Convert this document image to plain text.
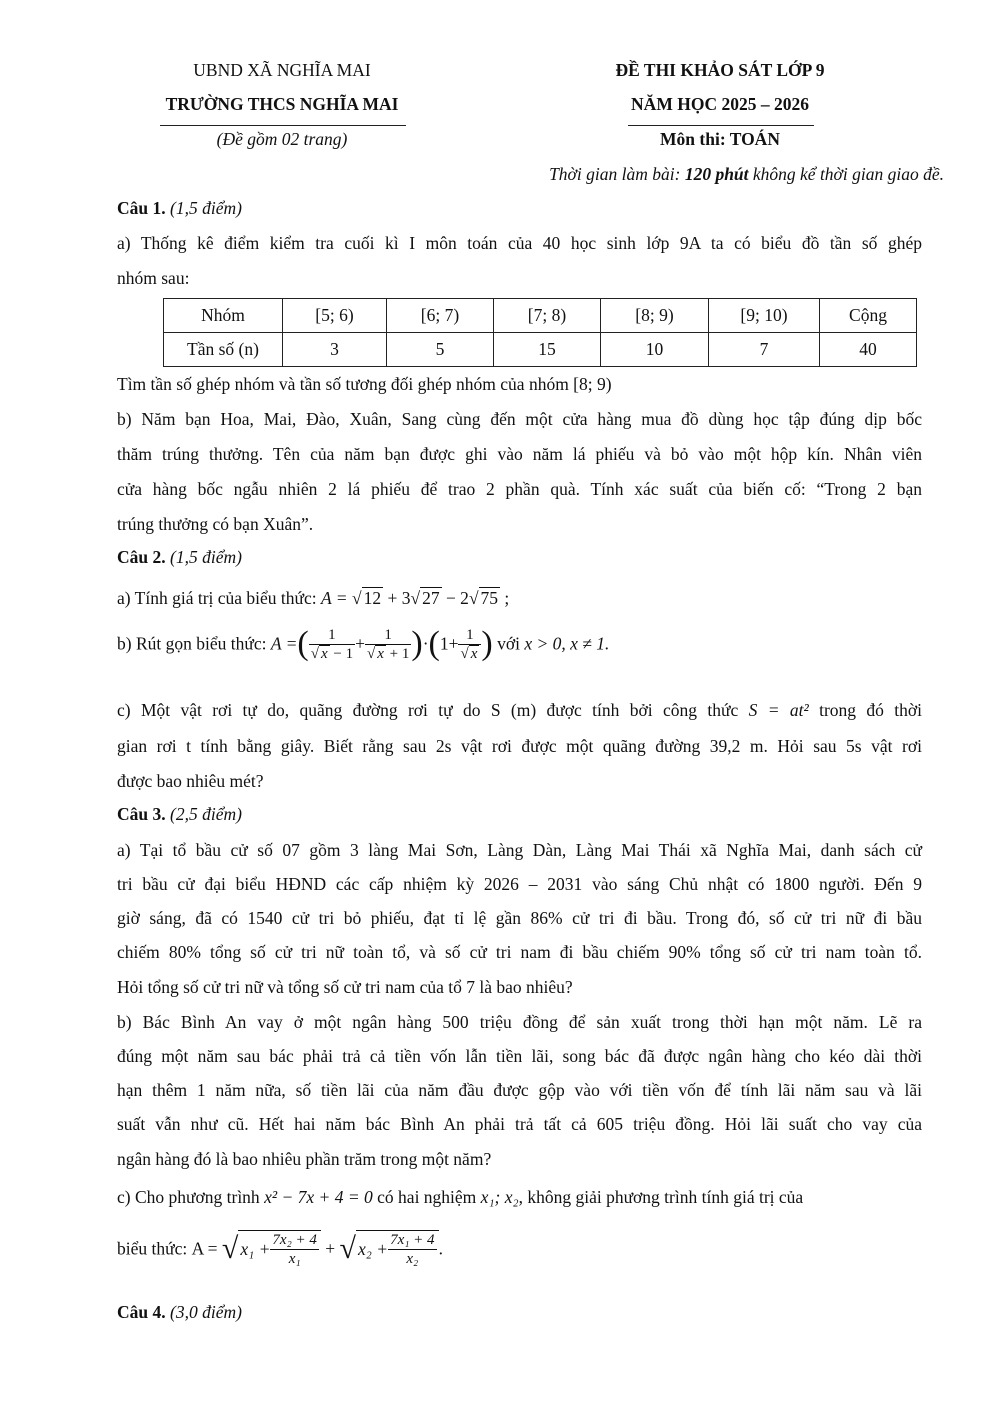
UBND XÃ NGHĨA MAI
TRƯỜNG THCS NGHĨA MAI
(Đề gồm 02 trang)
ĐỀ THI KHẢO SÁT LỚP 9
NĂM HỌC 2025 – 2026
Môn thi: TOÁN
Thời gian làm bài: 120 phút không kể thời gian giao đề.
Câu 1. (1,5 điểm)
a) Thống kê điểm kiểm tra cuối kì I môn toán của 40 học sinh lớp 9A ta có biểu đồ tần số ghép
nhóm sau:
Nhóm	[5; 6)	[6; 7)	[7; 8)	[8; 9)	[9; 10)	Cộng
Tần số (n)	3	5	15	10	7	40
Tìm tần số ghép nhóm và tần số tương đối ghép nhóm của nhóm [8; 9)
b) Năm bạn Hoa, Mai, Đào, Xuân, Sang cùng đến một cửa hàng mua đồ dùng học tập đúng dịp bốc
thăm trúng thưởng. Tên của năm bạn được ghi vào năm lá phiếu và bỏ vào một hộp kín. Nhân viên
cửa hàng bốc ngẫu nhiên 2 lá phiếu để trao 2 phần quà. Tính xác suất của biến cố: “Trong 2 bạn
trúng thưởng có bạn Xuân”.
Câu 2. (1,5 điểm)
a) Tính giá trị của biểu thức: A = √ 12 + 3√ 27 − 2√ 75 ;
b) Rút gọn biểu thức: A =( $\frac{1}{√ x - 1} + \frac{1}{√ x + 1} )\cdot(1+ \frac{1}{√ x}$ ) với x > 0, x ≠ 1.
c) Một vật rơi tự do, quãng đường rơi tự do S (m) được tính bởi công thức S = at² trong đó thời
gian rơi t tính bằng giây. Biết rằng sau 2s vật rơi được một quãng đường 39,2 m. Hỏi sau 5s vật rơi
được bao nhiêu mét?
Câu 3. (2,5 điểm)
a) Tại tổ bầu cử số 07 gồm 3 làng Mai Sơn, Làng Dàn, Làng Mai Thái xã Nghĩa Mai, danh sách cử
tri bầu cử đại biểu HĐND các cấp nhiệm kỳ 2026 – 2031 vào sáng Chủ nhật có 1800 người. Đến 9
giờ sáng, đã có 1540 cử tri bỏ phiếu, đạt tỉ lệ gần 86% cử tri đi bầu. Trong đó, số cử tri nữ đi bầu
chiếm 80% tổng số cử tri nữ toàn tổ, và số cử tri nam đi bầu chiếm 90% tổng số cử tri nam toàn tổ.
Hỏi tổng số cử tri nữ và tổng số cử tri nam của tổ 7 là bao nhiêu?
b) Bác Bình An vay ở một ngân hàng 500 triệu đồng để sản xuất trong thời hạn một năm. Lẽ ra
đúng một năm sau bác phải trả cả tiền vốn lẫn tiền lãi, song bác đã được ngân hàng cho kéo dài thời
hạn thêm 1 năm nữa, số tiền lãi của năm đầu được gộp vào với tiền vốn để tính lãi năm sau và lãi
suất vẫn như cũ. Hết hai năm bác Bình An phải trả tất cả 605 triệu đồng. Hỏi lãi suất cho vay của
ngân hàng đó là bao nhiêu phần trăm trong một năm?
c) Cho phương trình x² − 7x + 4 = 0 có hai nghiệm x₁; x₂, không giải phương trình tính giá trị của
biểu thức: A = √ $x_1 + \frac{\text{7x₂ + 4}}{\text{x₁}}$ + √ $x_2 + \frac{\text{7x₁ + 4}}{\text{x₂}}$ .
Câu 4. (3,0 điểm)
